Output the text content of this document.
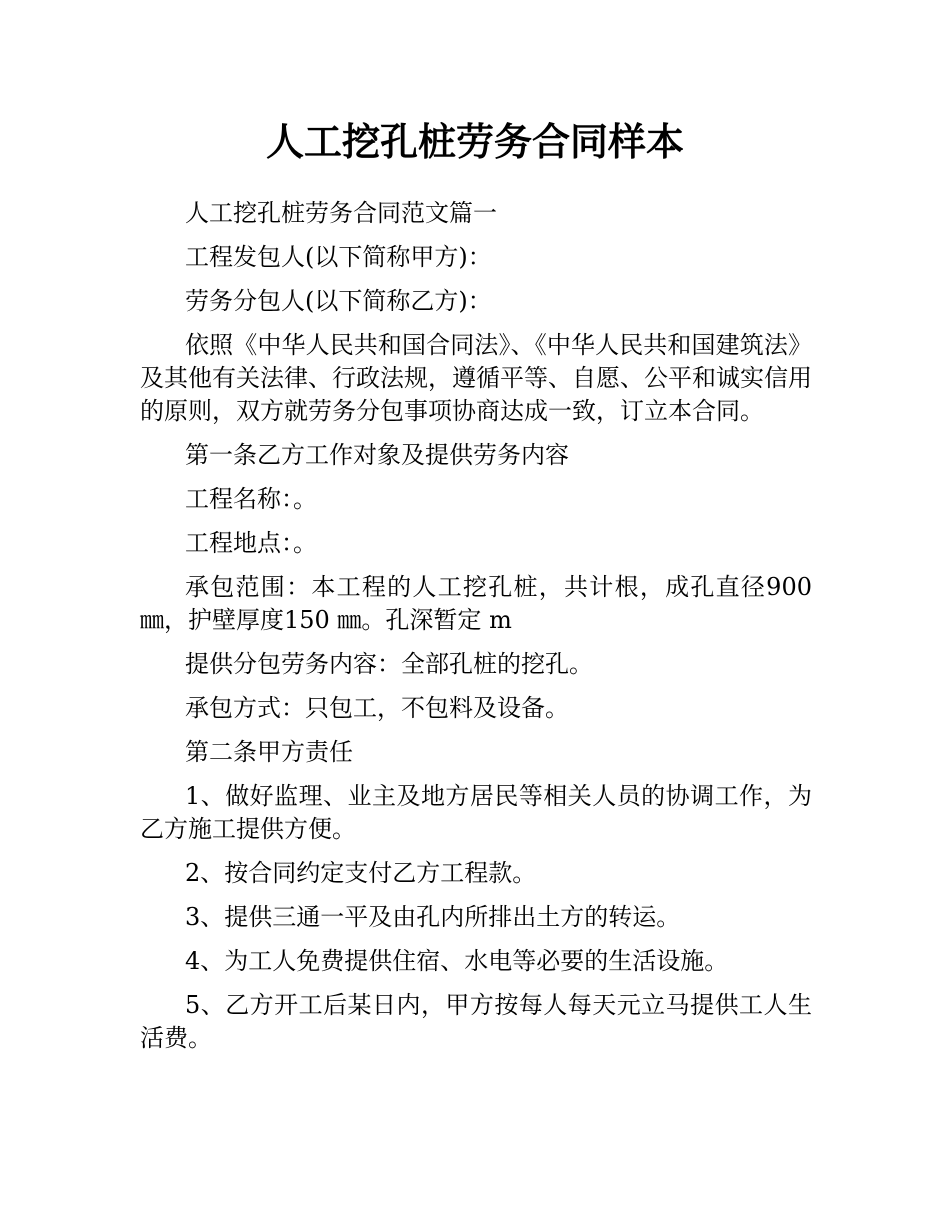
人工挖孔桩劳务合同样本

人工挖孔桩劳务合同范文篇一

工程发包人(以下简称甲方)：

劳务分包人(以下简称乙方)：

依照《中华人民共和国合同法》、《中华人民共和国建筑法》及其他有关法律、行政法规，遵循平等、自愿、公平和诚实信用的原则，双方就劳务分包事项协商达成一致，订立本合同。

第一条乙方工作对象及提供劳务内容

工程名称：。

工程地点：。

承包范围：本工程的人工挖孔桩，共计根，成孔直径900 ㎜，护壁厚度150 ㎜。孔深暂定 m

提供分包劳务内容：全部孔桩的挖孔。

承包方式：只包工，不包料及设备。

第二条甲方责任

1、做好监理、业主及地方居民等相关人员的协调工作，为乙方施工提供方便。

2、按合同约定支付乙方工程款。

3、提供三通一平及由孔内所排出土方的转运。

4、为工人免费提供住宿、水电等必要的生活设施。

5、乙方开工后某日内，甲方按每人每天元立马提供工人生活费。
